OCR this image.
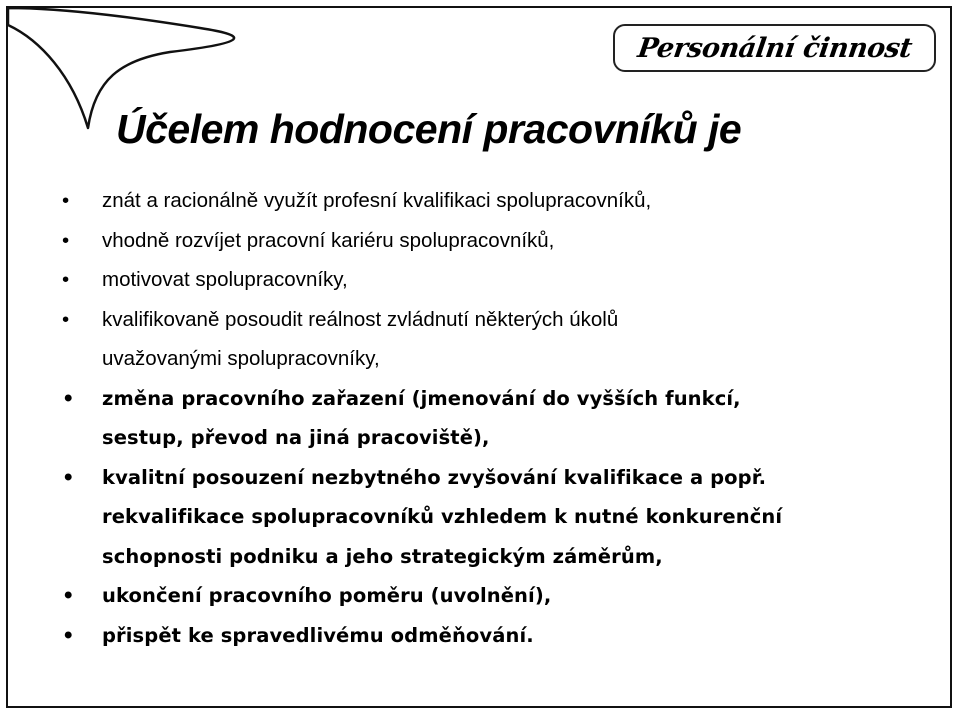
Personální činnost
Účelem hodnocení pracovníků je
•	znát a racionálně využít profesní kvalifikaci spolupracovníků,
•	vhodně rozvíjet pracovní kariéru spolupracovníků,
•	motivovat spolupracovníky,
•	kvalifikovaně posoudit reálnost zvládnutí některých úkolů
uvažovanými spolupracovníky,
•	změna pracovního zařazení (jmenování do vyšších funkcí,
sestup, převod na jiná pracoviště),
•	kvalitní posouzení nezbytného zvyšování kvalifikace a popř.
rekvalifikace spolupracovníků vzhledem k nutné konkurenční
schopnosti podniku a jeho strategickým záměrům,
•	ukončení pracovního poměru (uvolnění),
•	přispět ke spravedlivému odměňování.
